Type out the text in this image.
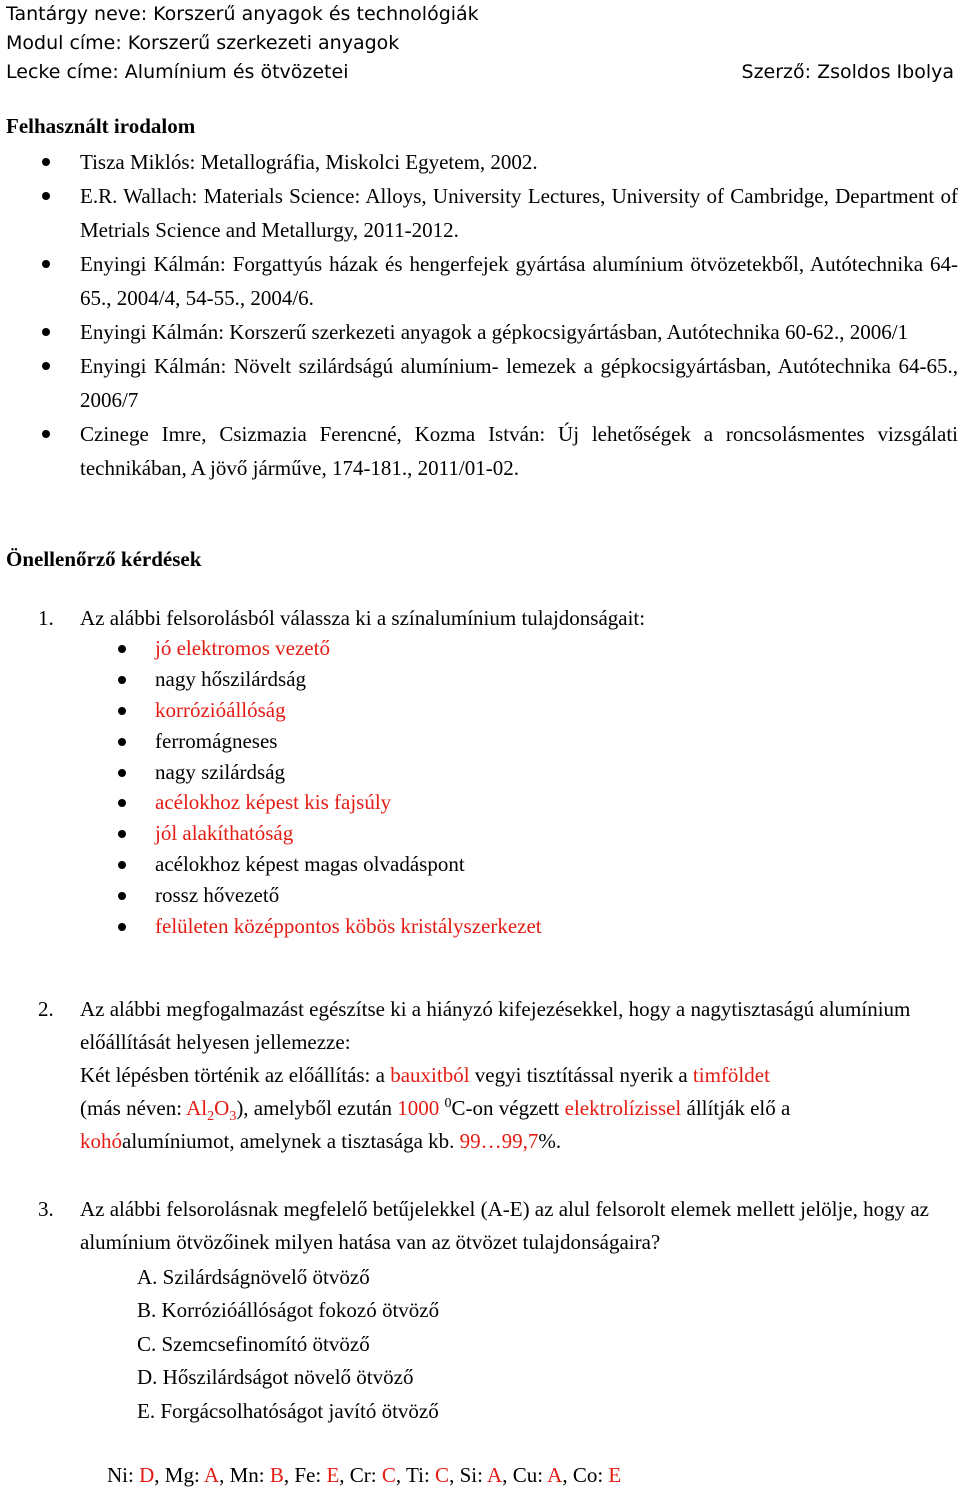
Tantárgy neve: Korszerű anyagok és technológiák
Modul címe: Korszerű szerkezeti anyagok
Lecke címe: Alumínium és ötvözetei	Szerző: Zsoldos Ibolya
Felhasznált irodalom
Tisza Miklós: Metallográfia, Miskolci Egyetem, 2002.
E.R. Wallach: Materials Science: Alloys, University Lectures, University of Cambridge, Department of Metrials Science and Metallurgy, 2011-2012.
Enyingi Kálmán: Forgattyús házak és hengerfejek gyártása alumínium ötvözetekből, Autótechnika 64-65., 2004/4, 54-55., 2004/6.
Enyingi Kálmán: Korszerű szerkezeti anyagok a gépkocsigyártásban, Autótechnika 60-62., 2006/1
Enyingi Kálmán: Növelt szilárdságú alumínium- lemezek a gépkocsigyártásban, Autótechnika 64-65., 2006/7
Czinege Imre, Csizmazia Ferencné, Kozma István: Új lehetőségek a roncsolásmentes vizsgálati technikában, A jövő járműve, 174-181., 2011/01-02.
Önellenőrző kérdések
1. Az alábbi felsorolásból válassza ki a színalumínium tulajdonságait:
jó elektromos vezető
nagy hőszilárdság
korrózióállóság
ferromágneses
nagy szilárdság
acélokhoz képest kis fajsúly
jól alakíthatóság
acélokhoz képest magas olvadáspont
rossz hővezető
felületen középpontos köbös kristályszerkezet
2. Az alábbi megfogalmazást egészítse ki a hiányzó kifejezésekkel, hogy a nagytisztaságú alumínium előállítását helyesen jellemezze:
Két lépésben történik az előállítás: a bauxitból vegyi tisztítással nyerik a timföldet
(más néven: $Al_2O_3$), amelyből ezután 1000 $^0$C-on végzett elektrolízissel állítják elő a
kohóalumíniumot, amelynek a tisztasága kb. 99…99,7%.
3. Az alábbi felsorolásnak megfelelő betűjelekkel (A-E) az alul felsorolt elemek mellett jelölje, hogy az alumínium ötvözőinek milyen hatása van az ötvözet tulajdonságaira?
A. Szilárdságnövelő ötvöző
B. Korrózióállóságot fokozó ötvöző
C. Szemcsefinomító ötvöző
D. Hőszilárdságot növelő ötvöző
E. Forgácsolhatóságot javító ötvöző
Ni: D, Mg: A, Mn: B, Fe: E, Cr: C, Ti: C, Si: A, Cu: A, Co: E
